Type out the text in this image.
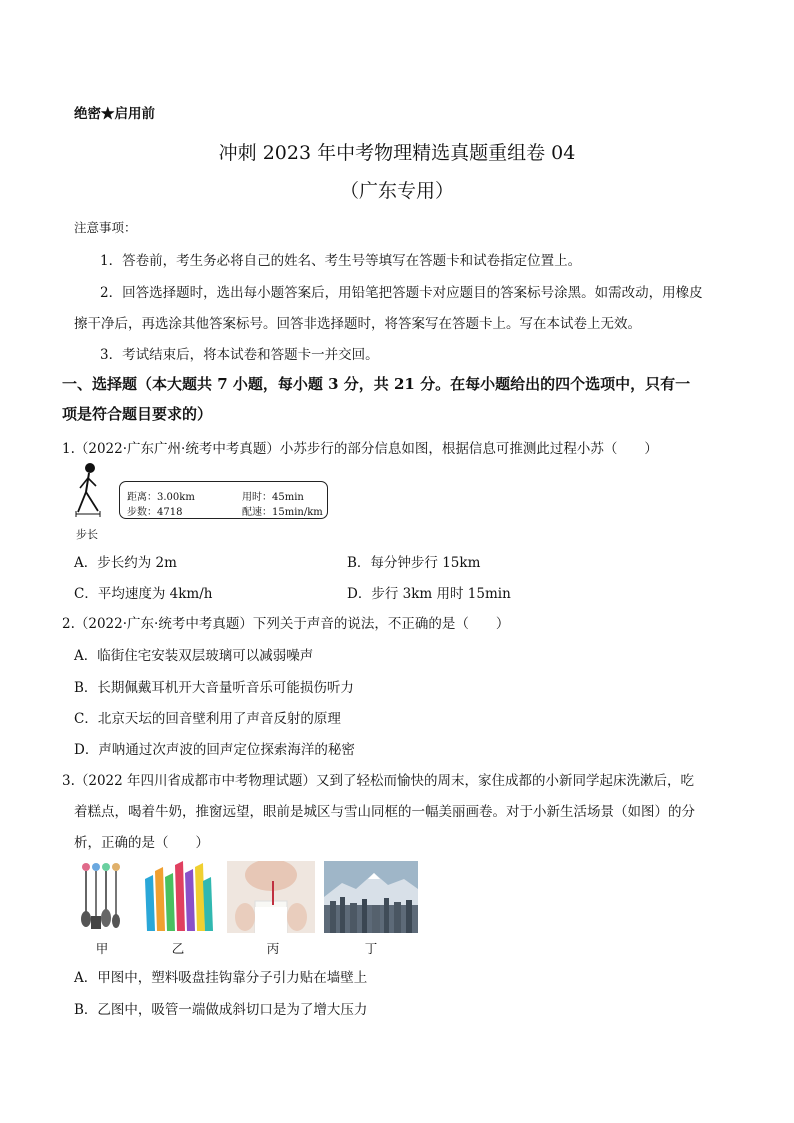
绝密★启用前
冲刺 2023 年中考物理精选真题重组卷 04
（广东专用）
注意事项：
1．答卷前，考生务必将自己的姓名、考生号等填写在答题卡和试卷指定位置上。
2．回答选择题时，选出每小题答案后，用铅笔把答题卡对应题目的答案标号涂黑。如需改动，用橡皮
擦干净后，再选涂其他答案标号。回答非选择题时，将答案写在答题卡上。写在本试卷上无效。
3．考试结束后，将本试卷和答题卡一并交回。
一、选择题（本大题共 7 小题，每小题 3 分，共 21 分。在每小题给出的四个选项中，只有一
项是符合题目要求的）
1.（2022·广东广州·统考中考真题）小苏步行的部分信息如图，根据信息可推测此过程小苏（　　）
步长
距离：3.00km	用时：45min
步数：4718	配速：15min/km
A．步长约为 2m	B．每分钟步行 15km
C．平均速度为 4km/h	D．步行 3km 用时 15min
2.（2022·广东·统考中考真题）下列关于声音的说法，不正确的是（　　）
A．临街住宅安装双层玻璃可以减弱噪声
B．长期佩戴耳机开大音量听音乐可能损伤听力
C．北京天坛的回音壁利用了声音反射的原理
D．声呐通过次声波的回声定位探索海洋的秘密
3.（2022 年四川省成都市中考物理试题）又到了轻松而愉快的周末，家住成都的小新同学起床洗漱后，吃
着糕点，喝着牛奶，推窗远望，眼前是城区与雪山同框的一幅美丽画卷。对于小新生活场景（如图）的分
析，正确的是（　　）
甲	乙	丙	丁
A．甲图中，塑料吸盘挂钩靠分子引力贴在墙壁上
B．乙图中，吸管一端做成斜切口是为了增大压力
